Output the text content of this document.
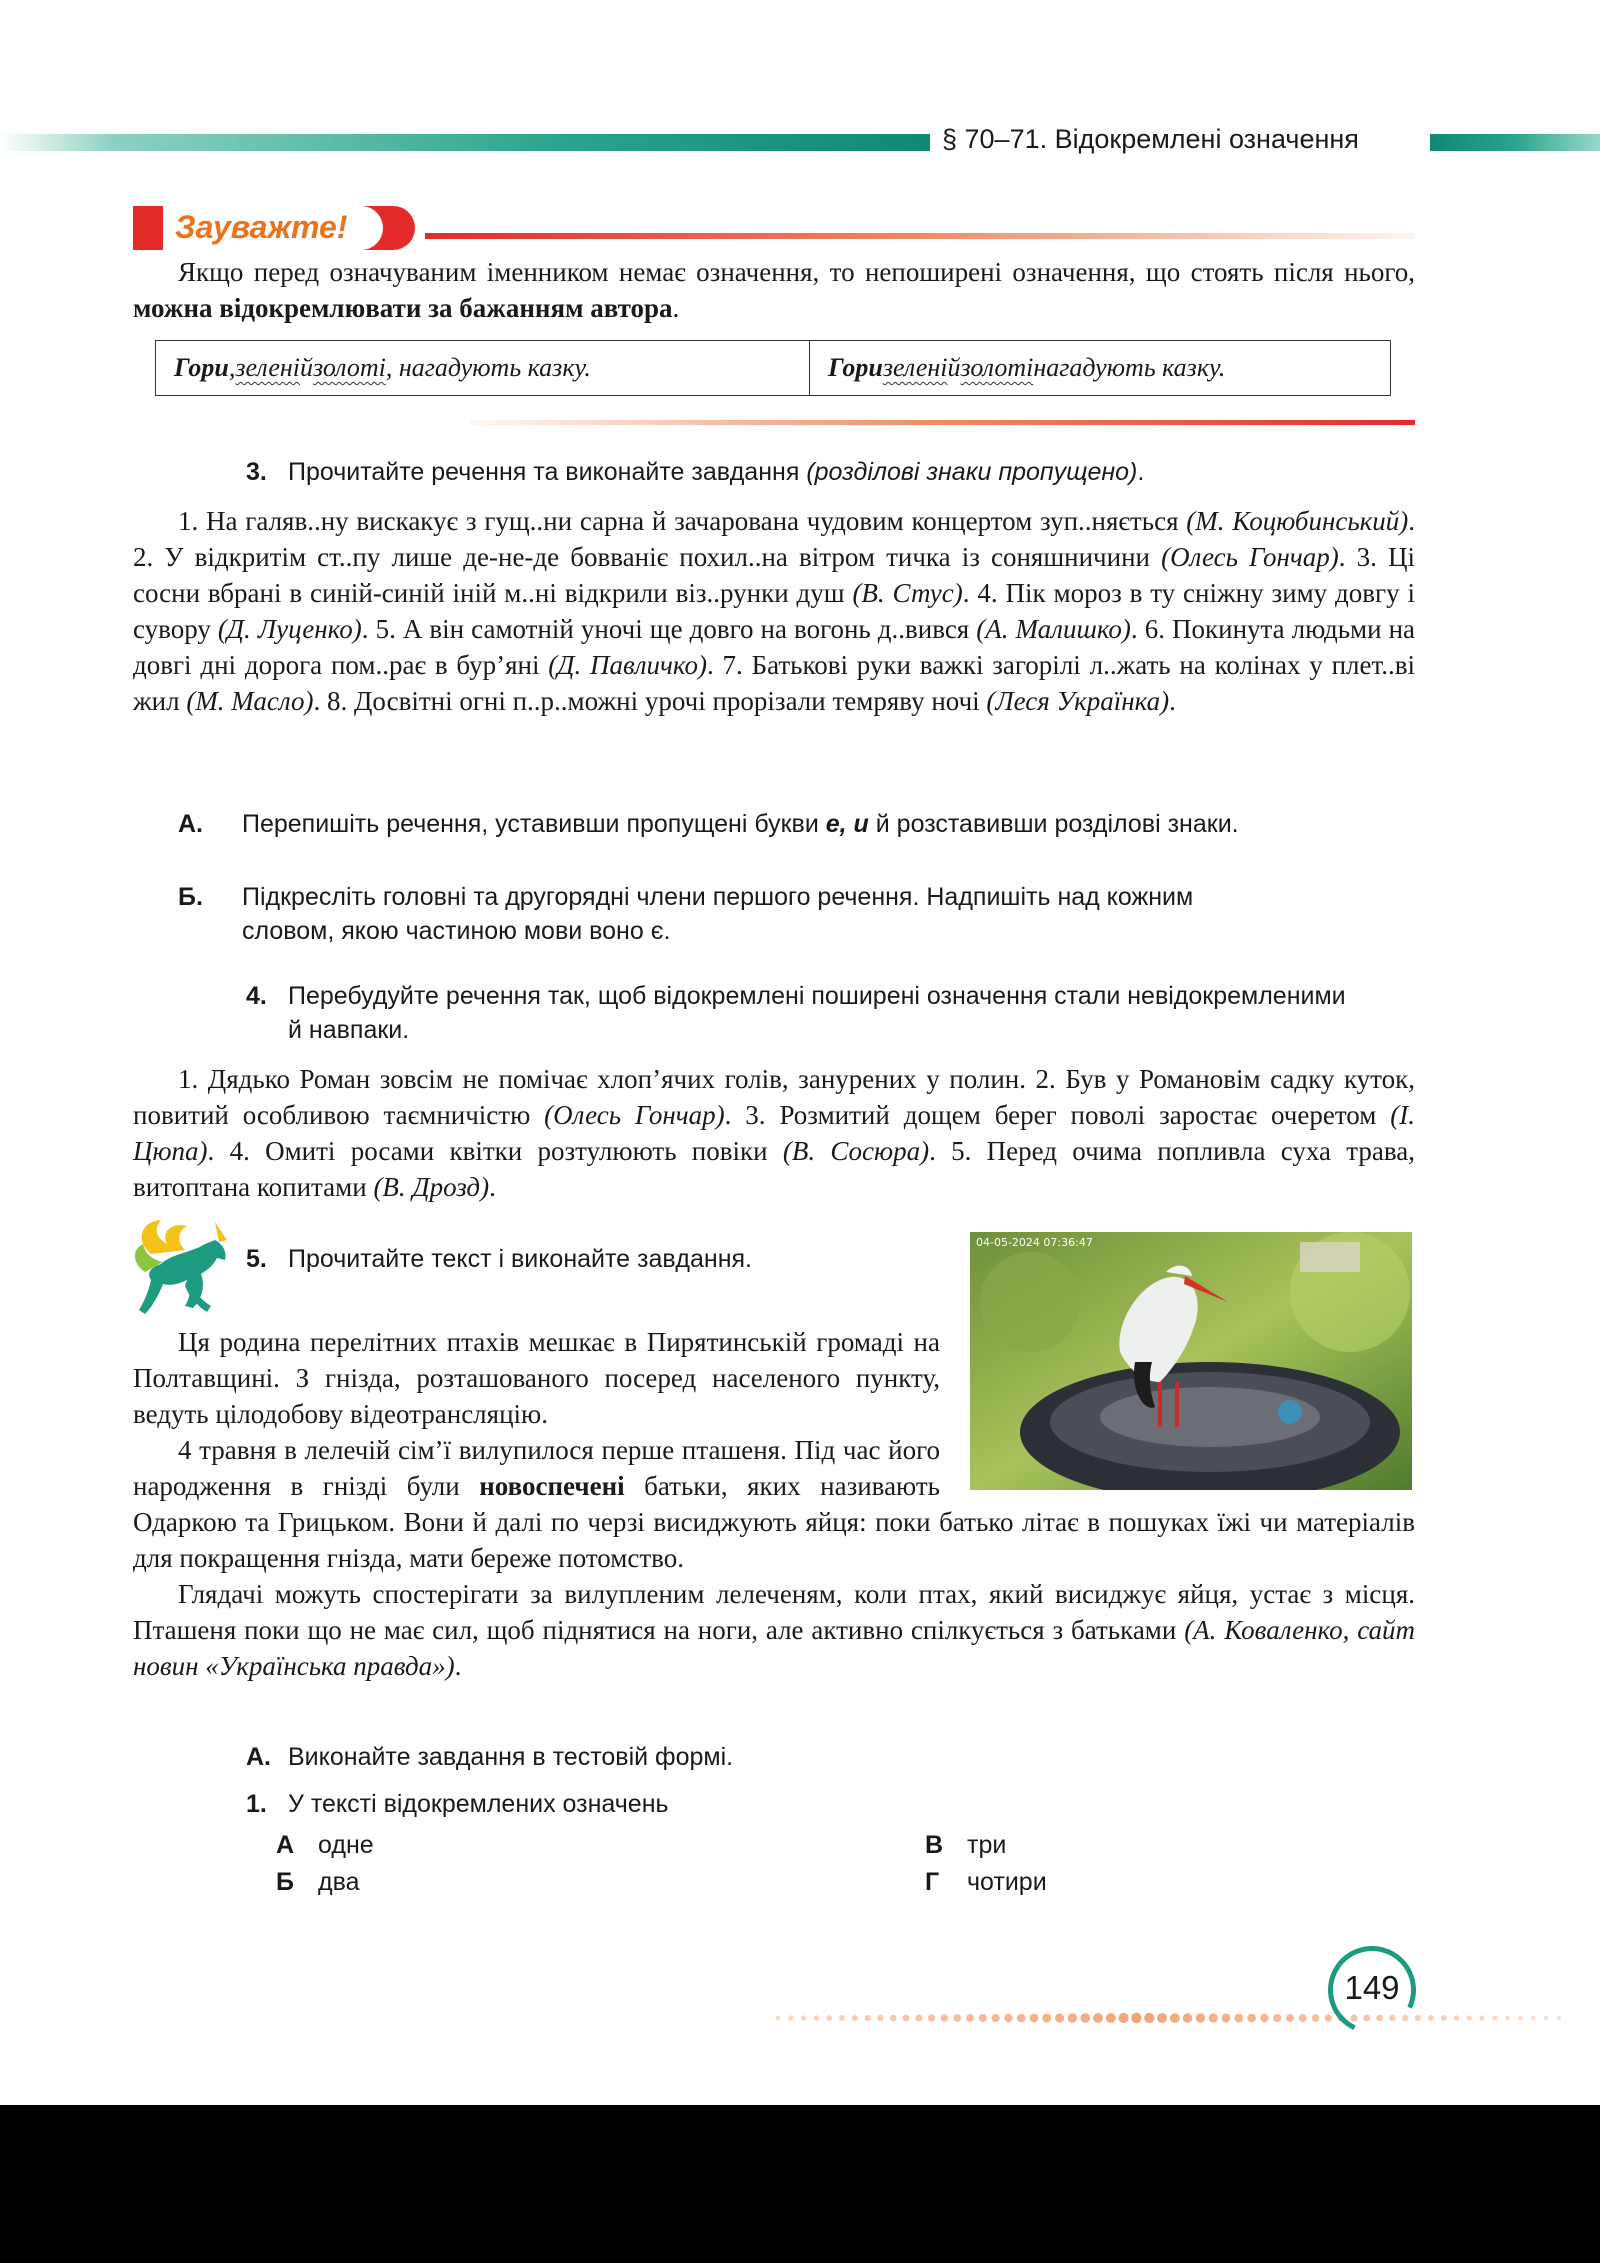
§ 70–71. Відокремлені означення
Зауважте!
Якщо перед означуваним іменником немає означення, то непоширені означення, що стоять після нього, можна відокремлювати за бажанням автора.
Гори , зелені й золоті , нагадують казку.	Гори зелені й золоті нагадують казку.
3. Прочитайте речення та виконайте завдання (розділові знаки пропущено).

1. На галяв..ну вискакує з гущ..ни сарна й зачарована чудовим концертом зуп..няється (М. Коцюбинський). 2. У відкритім ст..пу лише де-не-де бовваніє похил..на вітром тичка із соняшничини (Олесь Гончар). 3. Ці сосни вбрані в синій-синій іній м..ні відкрили віз..рунки душ (В. Стус). 4. Пік мороз в ту сніжну зиму довгу і сувору (Д. Луценко). 5. А він самотній уночі ще довго на вогонь д..вився (А. Малишко). 6. Покинута людьми на довгі дні дорога пом..рає в бур’яні (Д. Павличко). 7. Батькові руки важкі загорілі л..жать на колінах у плет..ві жил (М. Масло). 8. Досвітні огні п..р..можні урочі прорізали темряву ночі (Леся Українка).

А. Перепишіть речення, уставивши пропущені букви е, и й розставивши розділові знаки.
Б. Підкресліть головні та другорядні члени першого речення. Надпишіть над кожним словом, якою частиною мови воно є.
4. Перебудуйте речення так, щоб відокремлені поширені означення стали невідокремленими й навпаки.

1. Дядько Роман зовсім не помічає хлоп’ячих голів, занурених у полин. 2. Був у Романовім садку куток, повитий особливою таємничістю (Олесь Гончар). 3. Розмитий дощем берег поволі заростає очеретом (І. Цюпа). 4. Омиті росами квітки розтулюють повіки (В. Сосюра). 5. Перед очима попливла суха трава, витоптана копитами (В. Дрозд).

5. Прочитайте текст і виконайте завдання.
04-05-2024 07:36:47

Ця родина перелітних птахів мешкає в Пирятинській громаді на Полтавщині. З гнізда, розташованого посеред населеного пункту, ведуть цілодобову відеотрансляцію.

4 травня в лелечій сім’ї вилупилося перше пташеня. Під час його народження в гнізді були новоспечені батьки, яких називають Одаркою та Грицьком. Вони й далі по черзі висиджують яйця: поки батько літає в пошуках їжі чи матеріалів для покращення гнізда, мати береже потомство.

Глядачі можуть спостерігати за вилупленим лелеченям, коли птах, який висиджує яйця, устає з місця. Пташеня поки що не має сил, щоб піднятися на ноги, але активно спілкується з батьками (А. Коваленко, сайт новин «Українська правда»).

А. Виконайте завдання в тестовій формі.
1. У тексті відокремлених означень
А одне
Б два
В три
Г чотири
149
